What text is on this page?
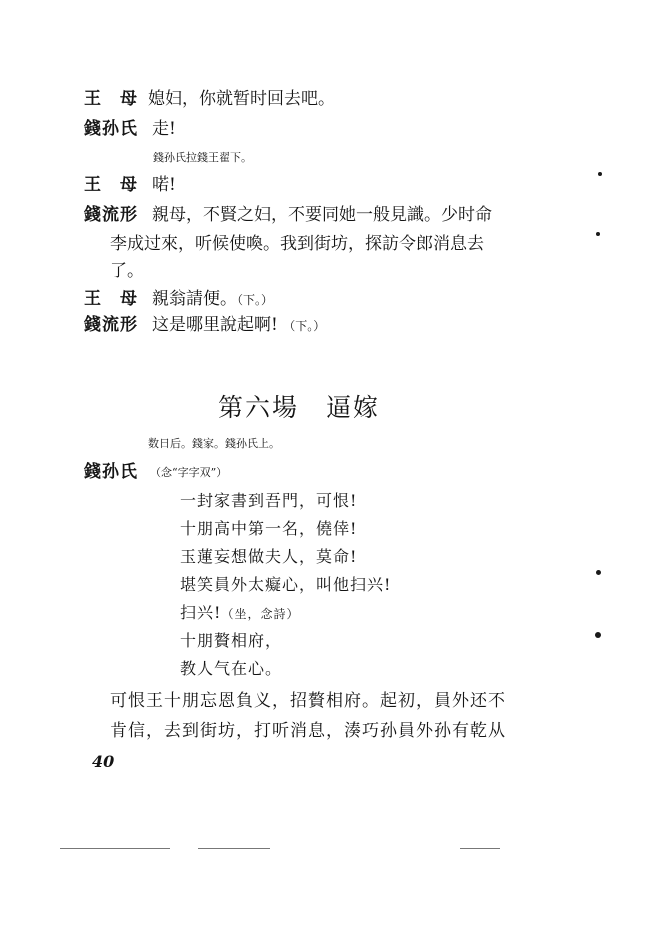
王　母 媳妇，你就暂时回去吧。
錢孙氏 走!
錢孙氏拉錢王翟下。
王　母 喏!
錢流形 親母，不賢之妇，不要同她一般見識。少时命
李成过來，听候使喚。我到街坊，探訪令郎消息去
了。
王　母 親翁請便。（下。）
錢流形 这是哪里說起啊! （下。）
第六場　逼嫁
数日后。錢家。錢孙氏上。
錢孙氏 （念“字字双”）
一封家書到吾門，可恨!
十朋高中第一名，僥倖!
玉蓮妄想做夫人，莫命!
堪笑員外太癡心，叫他扫兴!
扫兴!（坐，念詩）
十朋贅相府，
教人气在心。
可恨王十朋忘恩負义，招贅相府。起初，員外还不
肯信，去到街坊，打听消息，湊巧孙員外孙有乾从
40
